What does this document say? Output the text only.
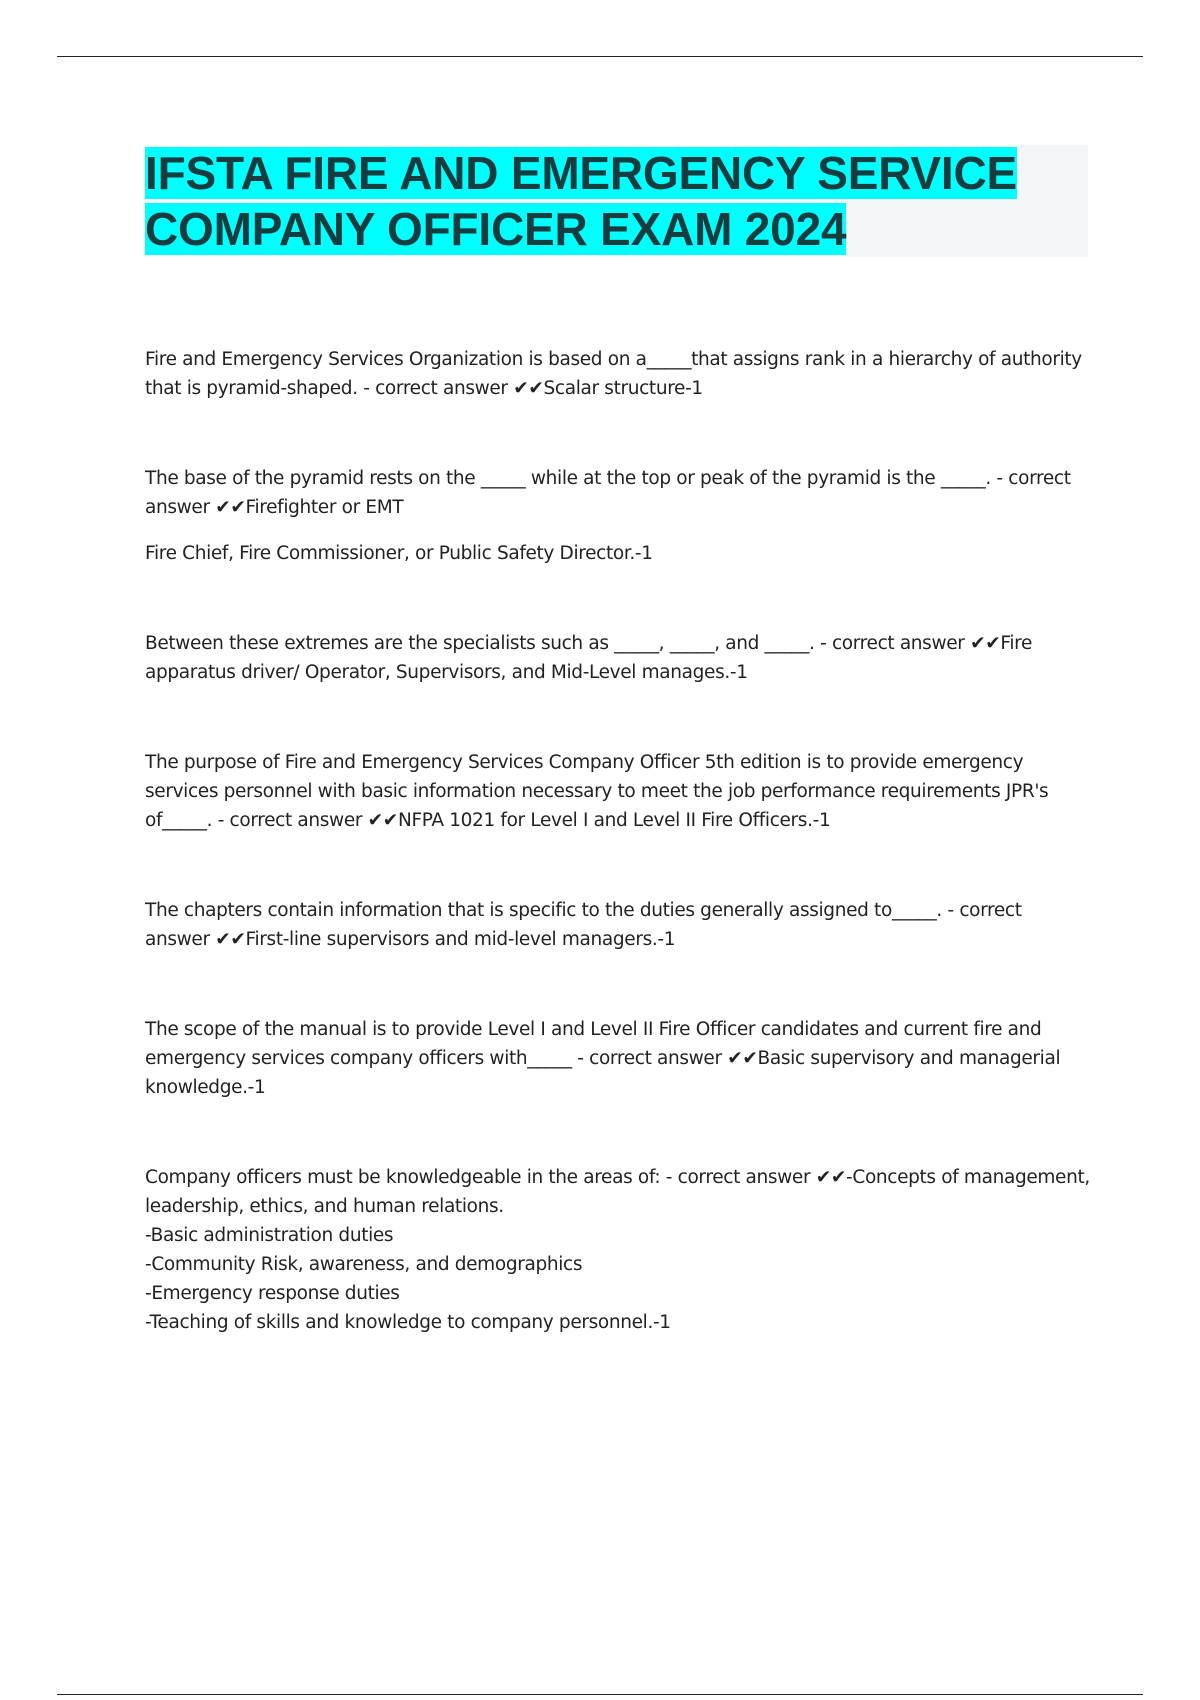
IFSTA FIRE AND EMERGENCY SERVICE
COMPANY OFFICER EXAM 2024

Fire and Emergency Services Organization is based on a_____that assigns rank in a hierarchy of authority that is pyramid-shaped. - correct answer ✔✔Scalar structure-1

The base of the pyramid rests on the _____ while at the top or peak of the pyramid is the _____. - correct answer ✔✔Firefighter or EMT

Fire Chief, Fire Commissioner, or Public Safety Director.-1

Between these extremes are the specialists such as _____, _____, and _____. - correct answer ✔✔Fire apparatus driver/ Operator, Supervisors, and Mid-Level manages.-1

The purpose of Fire and Emergency Services Company Officer 5th edition is to provide emergency services personnel with basic information necessary to meet the job performance requirements JPR's of_____. - correct answer ✔✔NFPA 1021 for Level I and Level II Fire Officers.-1

The chapters contain information that is specific to the duties generally assigned to_____. - correct answer ✔✔First-line supervisors and mid-level managers.-1

The scope of the manual is to provide Level I and Level II Fire Officer candidates and current fire and emergency services company officers with_____ - correct answer ✔✔Basic supervisory and managerial knowledge.-1

Company officers must be knowledgeable in the areas of: - correct answer ✔✔-Concepts of management, leadership, ethics, and human relations.

-Basic administration duties

-Community Risk, awareness, and demographics

-Emergency response duties

-Teaching of skills and knowledge to company personnel.-1
